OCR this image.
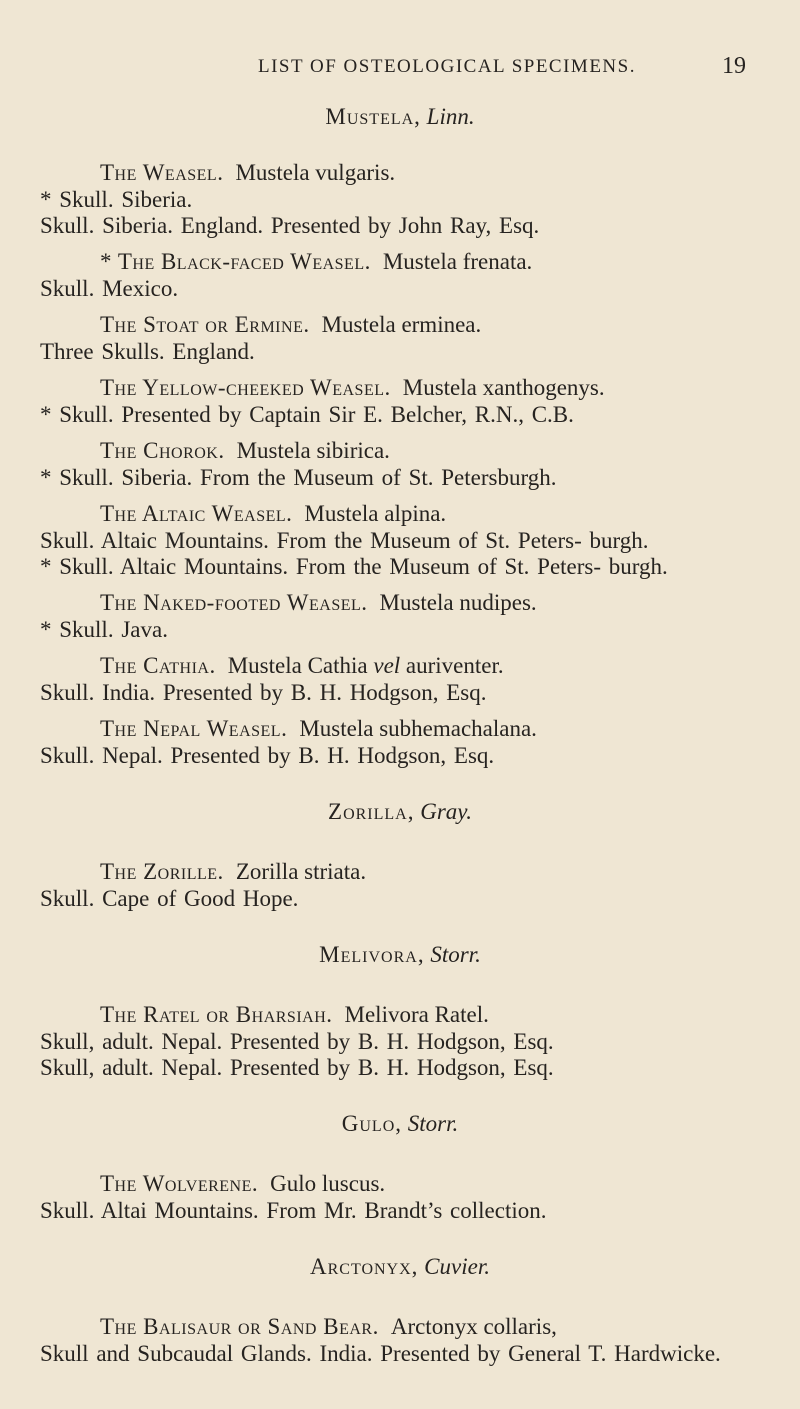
LIST OF OSTEOLOGICAL SPECIMENS.	19

Mustela, Linn.

The Weasel. Mustela vulgaris.

* Skull. Siberia.

Skull. Siberia. England. Presented by John Ray, Esq.

* The Black-faced Weasel. Mustela frenata.

Skull. Mexico.

The Stoat or Ermine. Mustela erminea.

Three Skulls. England.

The Yellow-cheeked Weasel. Mustela xanthogenys.

* Skull. Presented by Captain Sir E. Belcher, R.N., C.B.

The Chorok. Mustela sibirica.

* Skull. Siberia. From the Museum of St. Petersburgh.

The Altaic Weasel. Mustela alpina.

Skull. Altaic Mountains. From the Museum of St. Peters- burgh.

* Skull. Altaic Mountains. From the Museum of St. Peters- burgh.

The Naked-footed Weasel. Mustela nudipes.

* Skull. Java.

The Cathia. Mustela Cathia vel auriventer.

Skull. India. Presented by B. H. Hodgson, Esq.

The Nepal Weasel. Mustela subhemachalana.

Skull. Nepal. Presented by B. H. Hodgson, Esq.

Zorilla, Gray.

The Zorille. Zorilla striata.

Skull. Cape of Good Hope.

Melivora, Storr.

The Ratel or Bharsiah. Melivora Ratel.

Skull, adult. Nepal. Presented by B. H. Hodgson, Esq.

Skull, adult. Nepal. Presented by B. H. Hodgson, Esq.

Gulo, Storr.

The Wolverene. Gulo luscus.

Skull. Altai Mountains. From Mr. Brandt’s collection.

Arctonyx, Cuvier.

The Balisaur or Sand Bear. Arctonyx collaris,

Skull and Subcaudal Glands. India. Presented by General T. Hardwicke.
